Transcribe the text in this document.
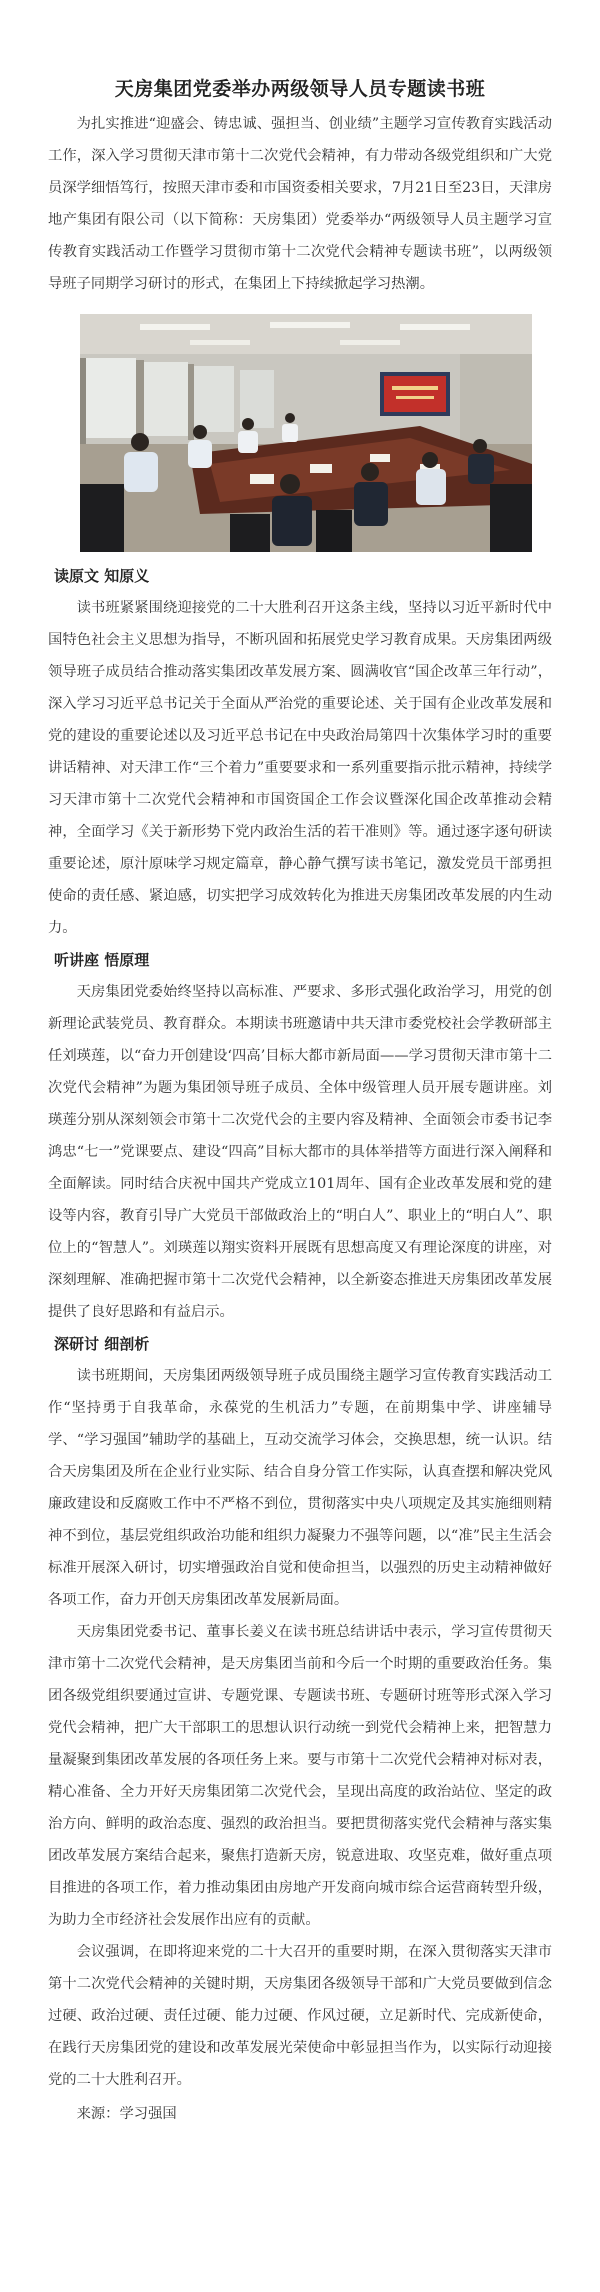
天房集团党委举办两级领导人员专题读书班

为扎实推进“迎盛会、铸忠诚、强担当、创业绩”主题学习宣传教育实践活动工作，深入学习贯彻天津市第十二次党代会精神，有力带动各级党组织和广大党员深学细悟笃行，按照天津市委和市国资委相关要求，7月21日至23日，天津房地产集团有限公司（以下简称：天房集团）党委举办“两级领导人员主题学习宣传教育实践活动工作暨学习贯彻市第十二次党代会精神专题读书班”，以两级领导班子同期学习研讨的形式，在集团上下持续掀起学习热潮。

读原文 知原义

读书班紧紧围绕迎接党的二十大胜利召开这条主线，坚持以习近平新时代中国特色社会主义思想为指导，不断巩固和拓展党史学习教育成果。天房集团两级领导班子成员结合推动落实集团改革发展方案、圆满收官“国企改革三年行动”，深入学习习近平总书记关于全面从严治党的重要论述、关于国有企业改革发展和党的建设的重要论述以及习近平总书记在中央政治局第四十次集体学习时的重要讲话精神、对天津工作“三个着力”重要要求和一系列重要指示批示精神，持续学习天津市第十二次党代会精神和市国资国企工作会议暨深化国企改革推动会精神，全面学习《关于新形势下党内政治生活的若干准则》等。通过逐字逐句研读重要论述，原汁原味学习规定篇章，静心静气撰写读书笔记，激发党员干部勇担使命的责任感、紧迫感，切实把学习成效转化为推进天房集团改革发展的内生动力。

听讲座 悟原理

天房集团党委始终坚持以高标准、严要求、多形式强化政治学习，用党的创新理论武装党员、教育群众。本期读书班邀请中共天津市委党校社会学教研部主任刘瑛莲，以“奋力开创建设‘四高’目标大都市新局面——学习贯彻天津市第十二次党代会精神”为题为集团领导班子成员、全体中级管理人员开展专题讲座。刘瑛莲分别从深刻领会市第十二次党代会的主要内容及精神、全面领会市委书记李鸿忠“七一”党课要点、建设“四高”目标大都市的具体举措等方面进行深入阐释和全面解读。同时结合庆祝中国共产党成立101周年、国有企业改革发展和党的建设等内容，教育引导广大党员干部做政治上的“明白人”、职业上的“明白人”、职位上的“智慧人”。刘瑛莲以翔实资料开展既有思想高度又有理论深度的讲座，对深刻理解、准确把握市第十二次党代会精神，以全新姿态推进天房集团改革发展提供了良好思路和有益启示。

深研讨 细剖析

读书班期间，天房集团两级领导班子成员围绕主题学习宣传教育实践活动工作“坚持勇于自我革命，永葆党的生机活力”专题，在前期集中学、讲座辅导学、“学习强国”辅助学的基础上，互动交流学习体会，交换思想，统一认识。结合天房集团及所在企业行业实际、结合自身分管工作实际，认真查摆和解决党风廉政建设和反腐败工作中不严格不到位，贯彻落实中央八项规定及其实施细则精神不到位，基层党组织政治功能和组织力凝聚力不强等问题，以“准”民主生活会标准开展深入研讨，切实增强政治自觉和使命担当，以强烈的历史主动精神做好各项工作，奋力开创天房集团改革发展新局面。

天房集团党委书记、董事长姜义在读书班总结讲话中表示，学习宣传贯彻天津市第十二次党代会精神，是天房集团当前和今后一个时期的重要政治任务。集团各级党组织要通过宣讲、专题党课、专题读书班、专题研讨班等形式深入学习党代会精神，把广大干部职工的思想认识行动统一到党代会精神上来，把智慧力量凝聚到集团改革发展的各项任务上来。要与市第十二次党代会精神对标对表，精心准备、全力开好天房集团第二次党代会，呈现出高度的政治站位、坚定的政治方向、鲜明的政治态度、强烈的政治担当。要把贯彻落实党代会精神与落实集团改革发展方案结合起来，聚焦打造新天房，锐意进取、攻坚克难，做好重点项目推进的各项工作，着力推动集团由房地产开发商向城市综合运营商转型升级，为助力全市经济社会发展作出应有的贡献。

会议强调，在即将迎来党的二十大召开的重要时期，在深入贯彻落实天津市第十二次党代会精神的关键时期，天房集团各级领导干部和广大党员要做到信念过硬、政治过硬、责任过硬、能力过硬、作风过硬，立足新时代、完成新使命，在践行天房集团党的建设和改革发展光荣使命中彰显担当作为，以实际行动迎接党的二十大胜利召开。

来源：学习强国
